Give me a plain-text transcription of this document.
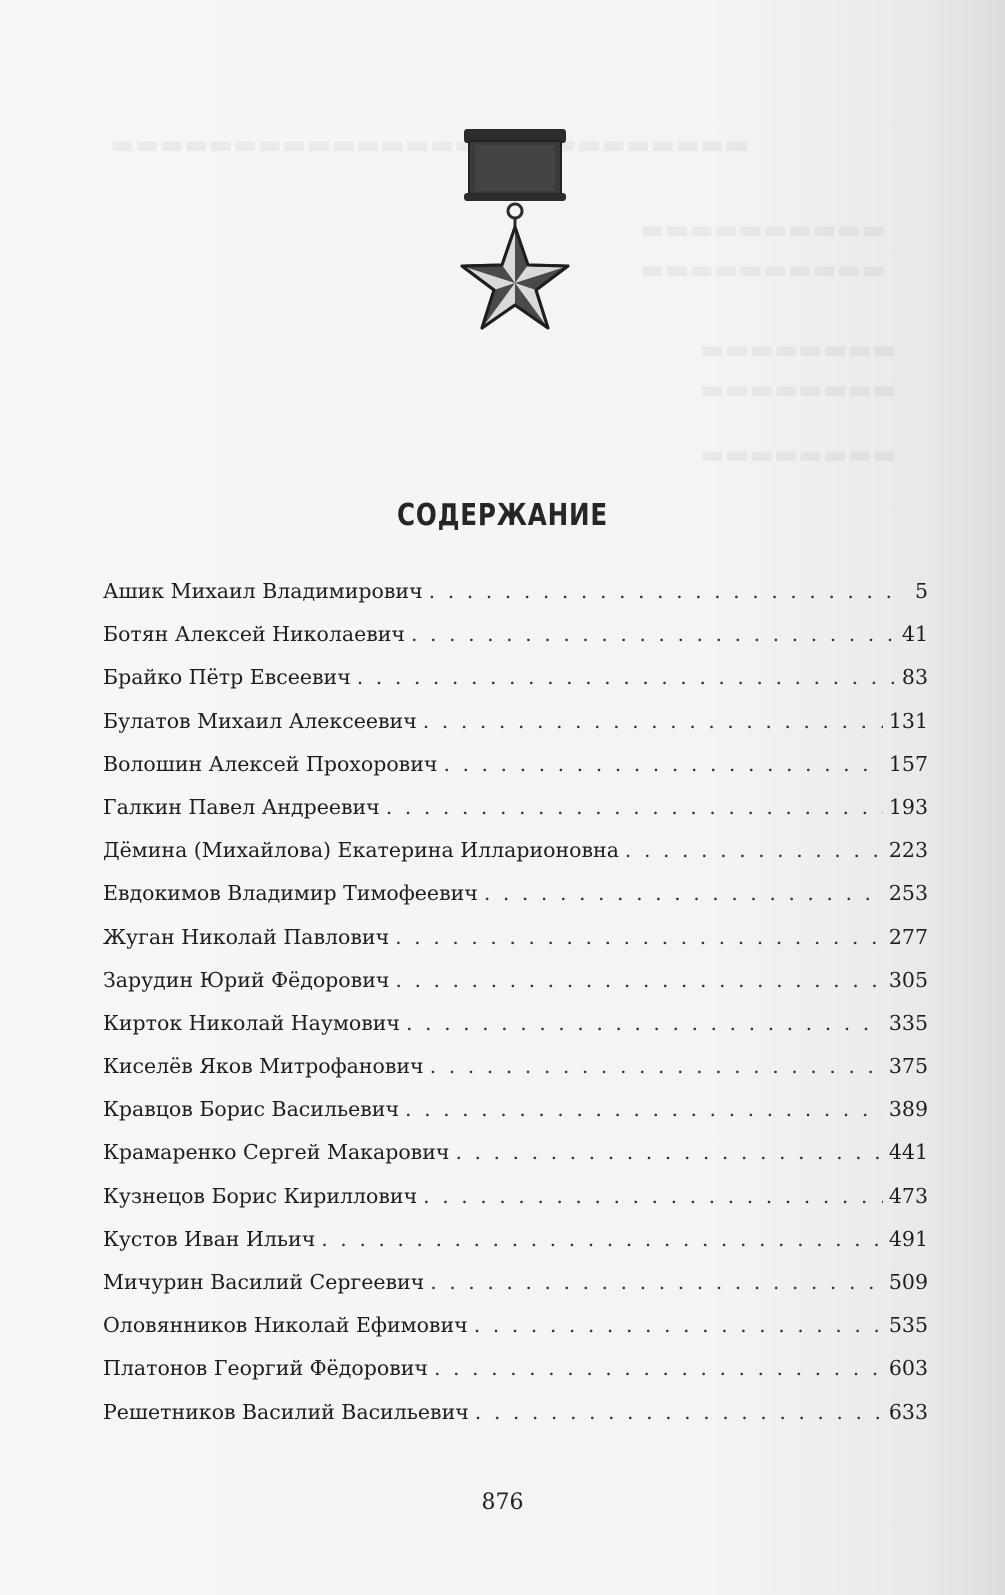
СОДЕРЖАНИЕ
Ашик Михаил Владимирович . . .	5
Ботян Алексей Николаевич . . .	41
Брайко Пётр Евсеевич . . .	83
Булатов Михаил Алексеевич . . .	131
Волошин Алексей Прохорович . . .	157
Галкин Павел Андреевич . . .	193
Дёмина (Михайлова) Екатерина Илларионовна . . .	223
Евдокимов Владимир Тимофеевич . . .	253
Жуган Николай Павлович . . .	277
Зарудин Юрий Фёдорович . . .	305
Кирток Николай Наумович . . .	335
Киселёв Яков Митрофанович . . .	375
Кравцов Борис Васильевич . . .	389
Крамаренко Сергей Макарович . . .	441
Кузнецов Борис Кириллович . . .	473
Кустов Иван Ильич . . .	491
Мичурин Василий Сергеевич . . .	509
Оловянников Николай Ефимович . . .	535
Платонов Георгий Фёдорович . . .	603
Решетников Василий Васильевич . . .	633
876
